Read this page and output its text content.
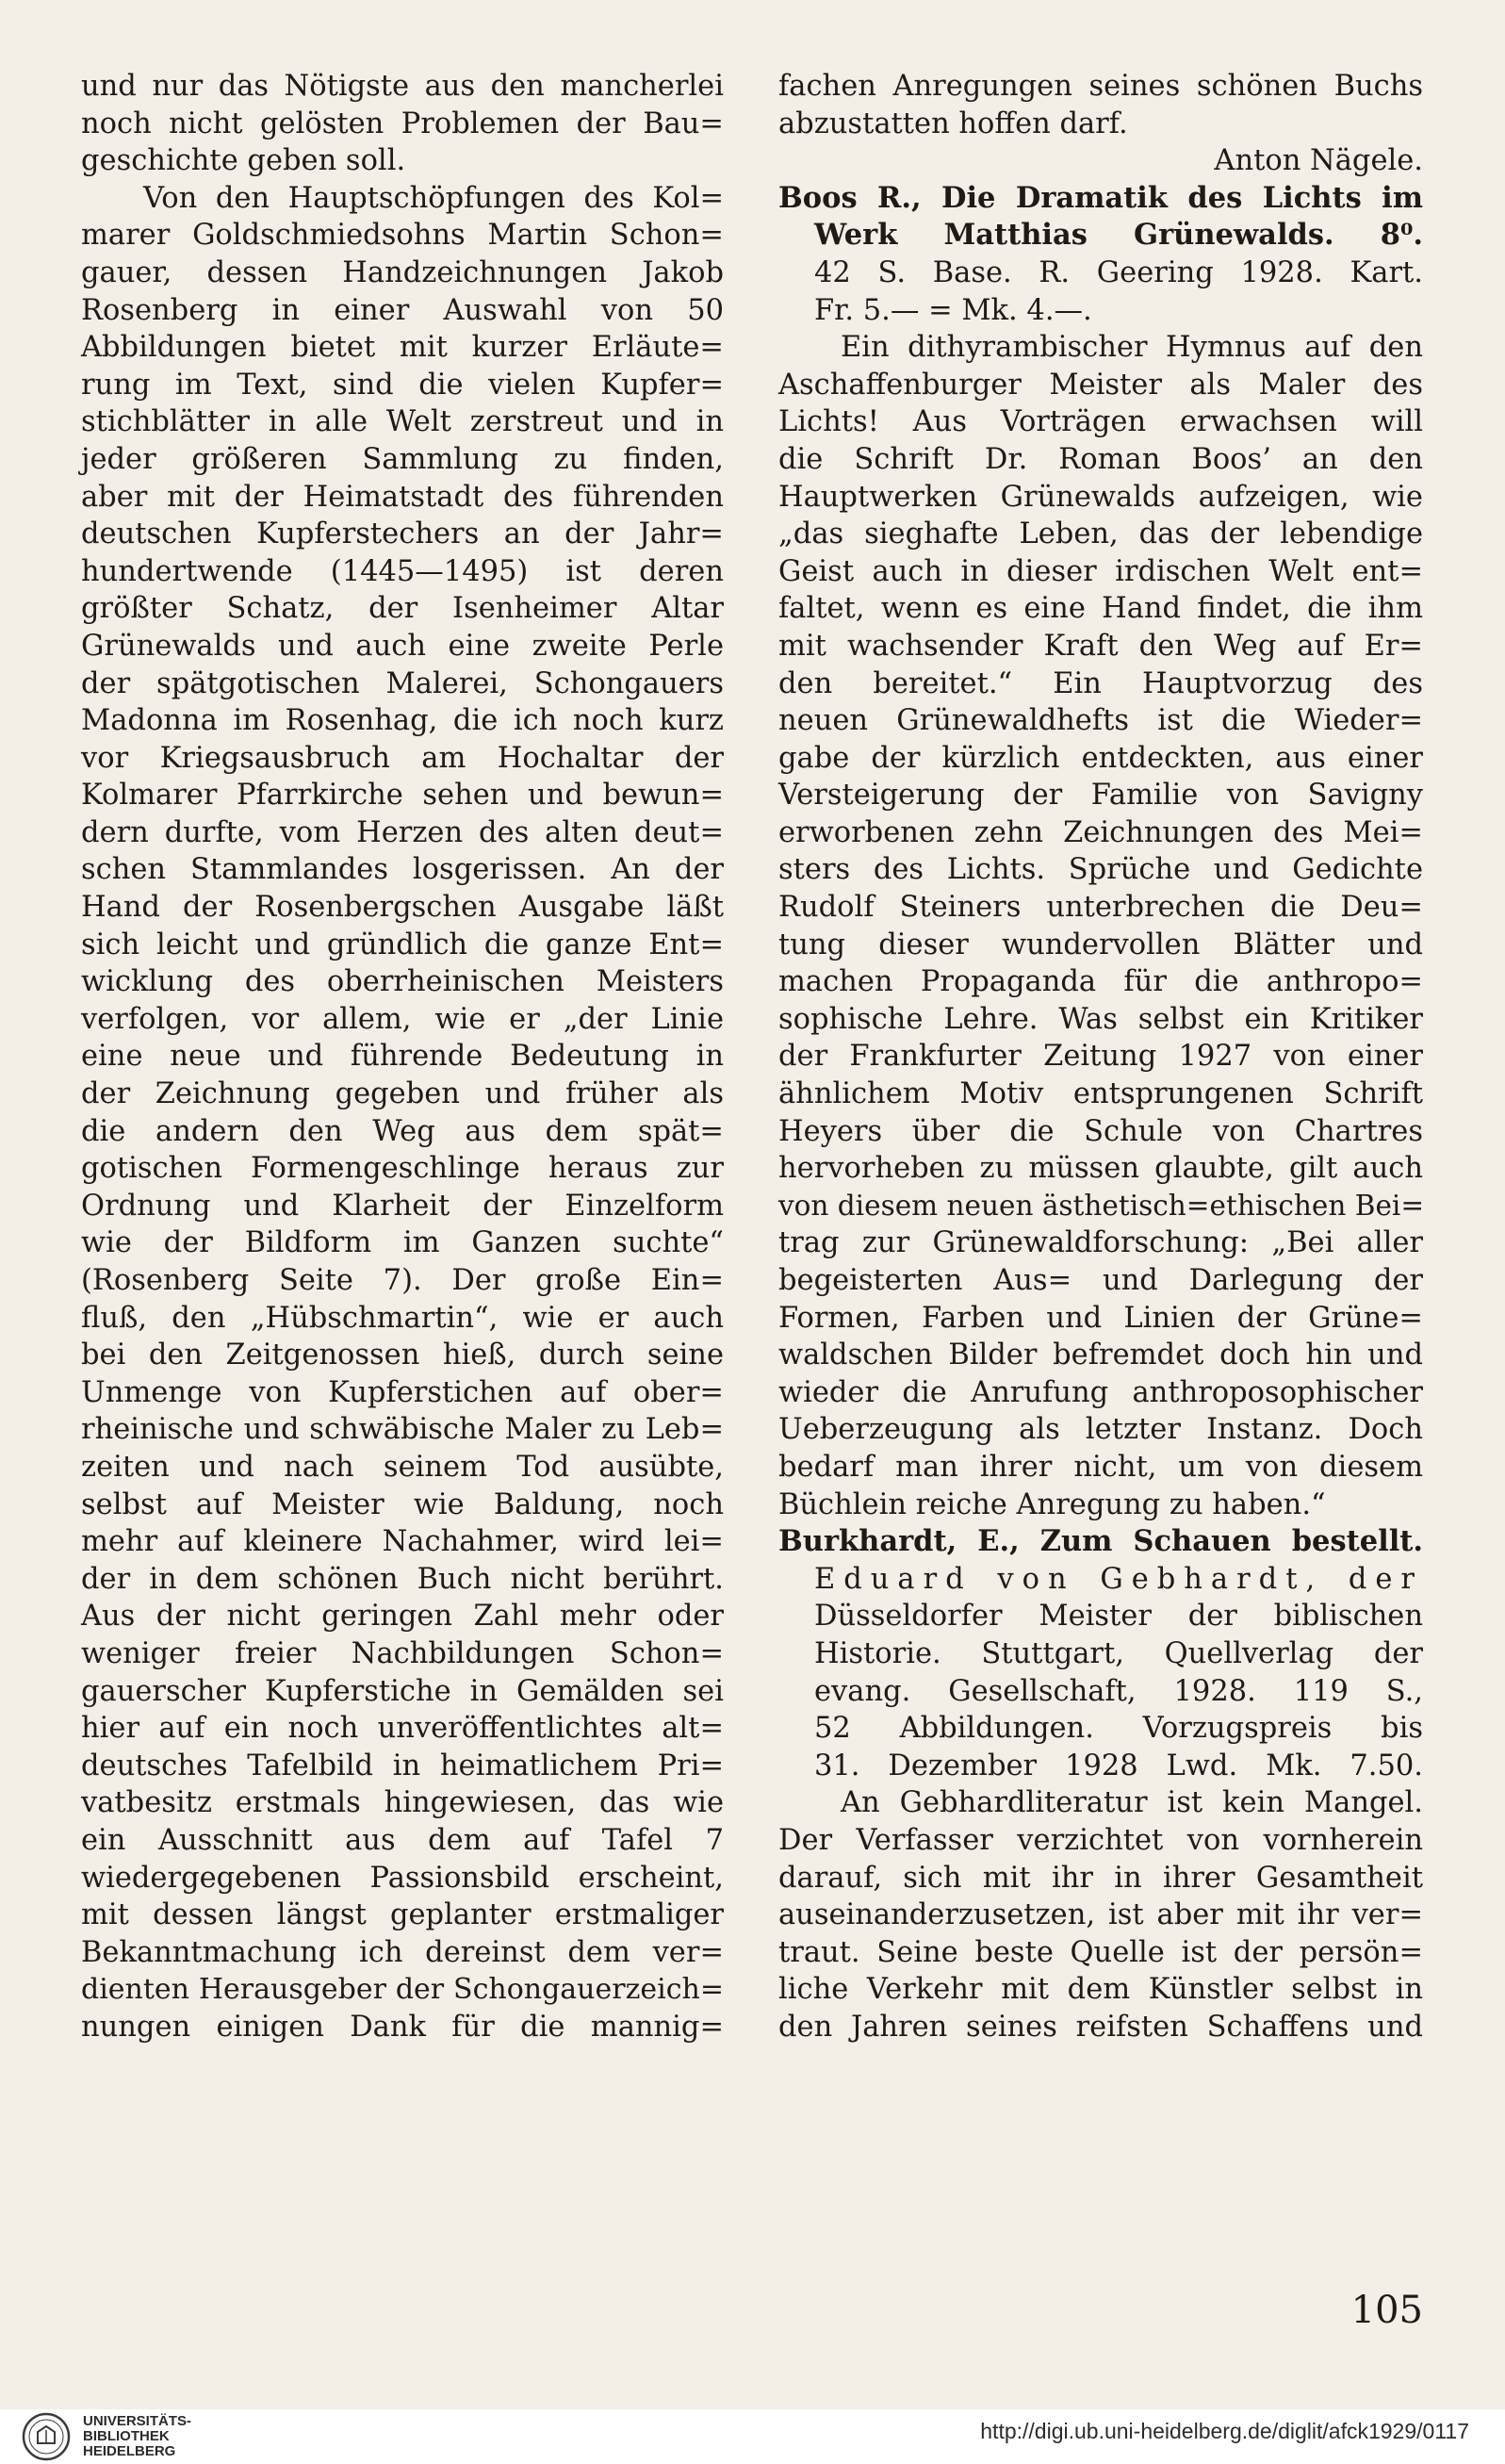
und nur das Nötigste aus den mancherlei

noch nicht gelösten Problemen der Bau=

geschichte geben soll.

Von den Hauptschöpfungen des Kol=

marer Goldschmiedsohns Martin Schon=

gauer, dessen Handzeichnungen Jakob

Rosenberg in einer Auswahl von 50

Abbildungen bietet mit kurzer Erläute=

rung im Text, sind die vielen Kupfer=

stichblätter in alle Welt zerstreut und in

jeder größeren Sammlung zu finden,

aber mit der Heimatstadt des führenden

deutschen Kupferstechers an der Jahr=

hundertwende (1445—1495) ist deren

größter Schatz, der Isenheimer Altar

Grünewalds und auch eine zweite Perle

der spätgotischen Malerei, Schongauers

Madonna im Rosenhag, die ich noch kurz

vor Kriegsausbruch am Hochaltar der

Kolmarer Pfarrkirche sehen und bewun=

dern durfte, vom Herzen des alten deut=

schen Stammlandes losgerissen. An der

Hand der Rosenbergschen Ausgabe läßt

sich leicht und gründlich die ganze Ent=

wicklung des oberrheinischen Meisters

verfolgen, vor allem, wie er „der Linie

eine neue und führende Bedeutung in

der Zeichnung gegeben und früher als

die andern den Weg aus dem spät=

gotischen Formengeschlinge heraus zur

Ordnung und Klarheit der Einzelform

wie der Bildform im Ganzen suchte“

(Rosenberg Seite 7). Der große Ein=

fluß, den „Hübschmartin“, wie er auch

bei den Zeitgenossen hieß, durch seine

Unmenge von Kupferstichen auf ober=

rheinische und schwäbische Maler zu Leb=

zeiten und nach seinem Tod ausübte,

selbst auf Meister wie Baldung, noch

mehr auf kleinere Nachahmer, wird lei=

der in dem schönen Buch nicht berührt.

Aus der nicht geringen Zahl mehr oder

weniger freier Nachbildungen Schon=

gauerscher Kupferstiche in Gemälden sei

hier auf ein noch unveröffentlichtes alt=

deutsches Tafelbild in heimatlichem Pri=

vatbesitz erstmals hingewiesen, das wie

ein Ausschnitt aus dem auf Tafel 7

wiedergegebenen Passionsbild erscheint,

mit dessen längst geplanter erstmaliger

Bekanntmachung ich dereinst dem ver=

dienten Herausgeber der Schongauerzeich=

nungen einigen Dank für die mannig=

fachen Anregungen seines schönen Buchs

abzustatten hoffen darf.

Anton Nägele.

Boos R., Die Dramatik des Lichts im

Werk Matthias Grünewalds. 8⁰.

42 S. Base. R. Geering 1928. Kart.

Fr. 5.— = Mk. 4.—.

Ein dithyrambischer Hymnus auf den

Aschaffenburger Meister als Maler des

Lichts! Aus Vorträgen erwachsen will

die Schrift Dr. Roman Boos’ an den

Hauptwerken Grünewalds aufzeigen, wie

„das sieghafte Leben, das der lebendige

Geist auch in dieser irdischen Welt ent=

faltet, wenn es eine Hand findet, die ihm

mit wachsender Kraft den Weg auf Er=

den bereitet.“ Ein Hauptvorzug des

neuen Grünewaldhefts ist die Wieder=

gabe der kürzlich entdeckten, aus einer

Versteigerung der Familie von Savigny

erworbenen zehn Zeichnungen des Mei=

sters des Lichts. Sprüche und Gedichte

Rudolf Steiners unterbrechen die Deu=

tung dieser wundervollen Blätter und

machen Propaganda für die anthropo=

sophische Lehre. Was selbst ein Kritiker

der Frankfurter Zeitung 1927 von einer

ähnlichem Motiv entsprungenen Schrift

Heyers über die Schule von Chartres

hervorheben zu müssen glaubte, gilt auch

von diesem neuen ästhetisch=ethischen Bei=

trag zur Grünewaldforschung: „Bei aller

begeisterten Aus= und Darlegung der

Formen, Farben und Linien der Grüne=

waldschen Bilder befremdet doch hin und

wieder die Anrufung anthroposophischer

Ueberzeugung als letzter Instanz. Doch

bedarf man ihrer nicht, um von diesem

Büchlein reiche Anregung zu haben.“

Burkhardt, E., Zum Schauen bestellt.

Eduard von Gebhardt, der

Düsseldorfer Meister der biblischen

Historie. Stuttgart, Quellverlag der

evang. Gesellschaft, 1928. 119 S.,

52 Abbildungen. Vorzugspreis bis

31. Dezember 1928 Lwd. Mk. 7.50.

An Gebhardliteratur ist kein Mangel.

Der Verfasser verzichtet von vornherein

darauf, sich mit ihr in ihrer Gesamtheit

auseinanderzusetzen, ist aber mit ihr ver=

traut. Seine beste Quelle ist der persön=

liche Verkehr mit dem Künstler selbst in

den Jahren seines reifsten Schaffens und

105
UNIVERSITÄTS-
BIBLIOTHEK
HEIDELBERG
http://digi.ub.uni-heidelberg.de/diglit/afck1929/0117
